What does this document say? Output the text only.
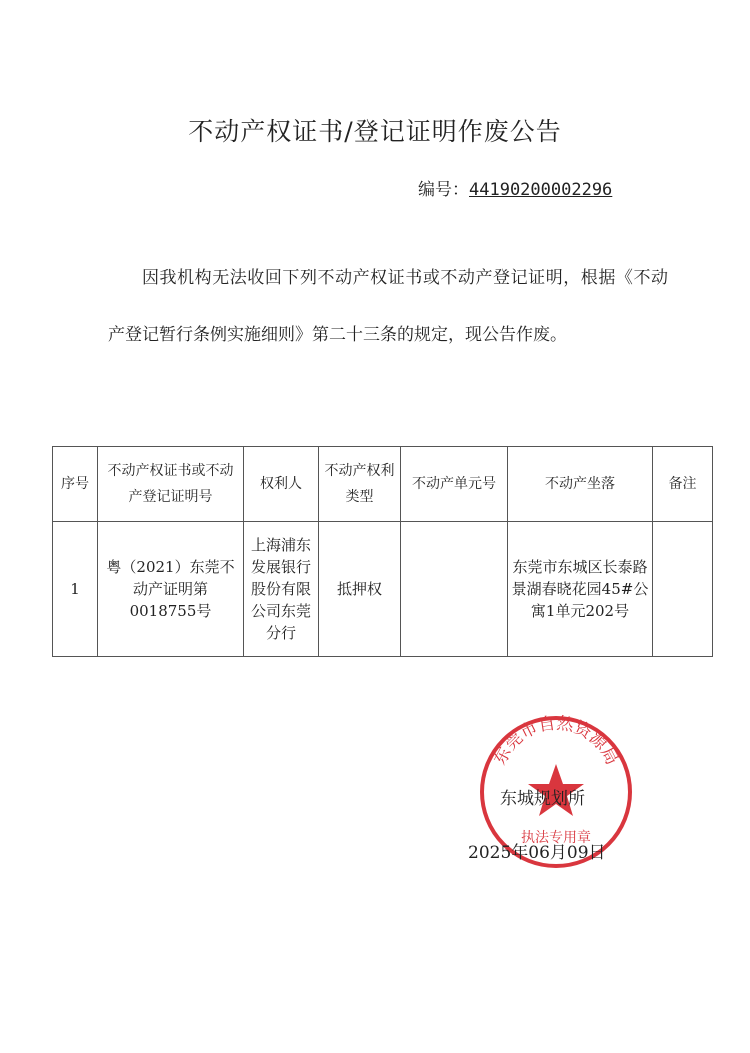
不动产权证书/登记证明作废公告
编号：44190200002296
因我机构无法收回下列不动产权证书或不动产登记证明，根据《不动产登记暂行条例实施细则》第二十三条的规定，现公告作废。
序号	不动产权证书或不动产登记证明号	权利人	不动产权利类型	不动产单元号	不动产坐落	备注
1	粤（2021）东莞不动产证明第0018755号	上海浦东发展银行股份有限公司东莞分行	抵押权		东莞市东城区长泰路景湖春晓花园45#公寓1单元202号	
东莞市自然资源局
执法专用章
东城规划所
2025年06月09日
